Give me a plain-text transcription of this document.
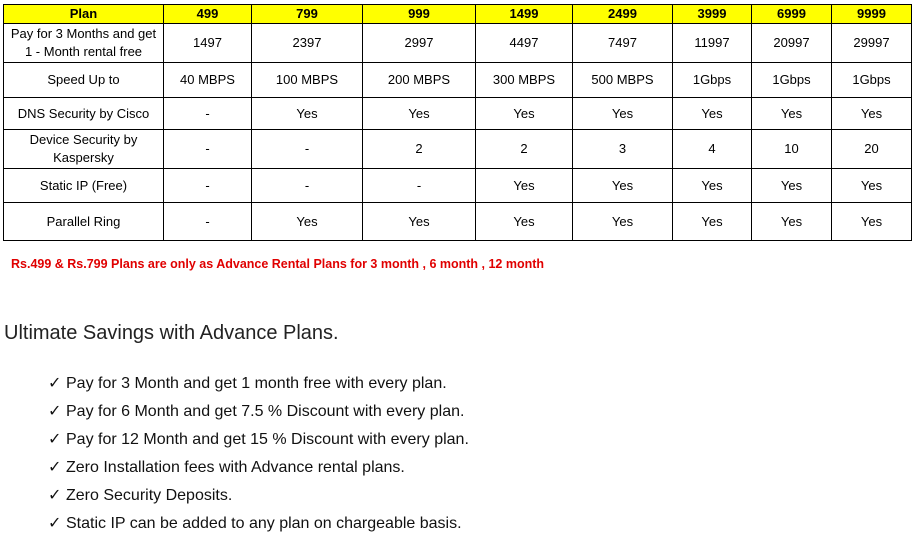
Plan	499	799	999	1499	2499	3999	6999	9999
Pay for 3 Months and get 1 - Month rental free	1497	2397	2997	4497	7497	11997	20997	29997
Speed Up to	40 MBPS	100 MBPS	200 MBPS	300 MBPS	500 MBPS	1Gbps	1Gbps	1Gbps
DNS Security by Cisco	-	Yes	Yes	Yes	Yes	Yes	Yes	Yes
Device Security by Kaspersky	-	-	2	2	3	4	10	20
Static IP (Free)	-	-	-	Yes	Yes	Yes	Yes	Yes
Parallel Ring	-	Yes	Yes	Yes	Yes	Yes	Yes	Yes
Rs.499 & Rs.799 Plans are only as Advance Rental Plans for 3 month , 6 month , 12 month
Ultimate Savings with Advance Plans.
✓ Pay for 3 Month and get 1 month free with every plan.
✓ Pay for 6 Month and get 7.5 % Discount with every plan.
✓ Pay for 12 Month and get 15 % Discount with every plan.
✓ Zero Installation fees with Advance rental plans.
✓ Zero Security Deposits.
✓ Static IP can be added to any plan on chargeable basis.
